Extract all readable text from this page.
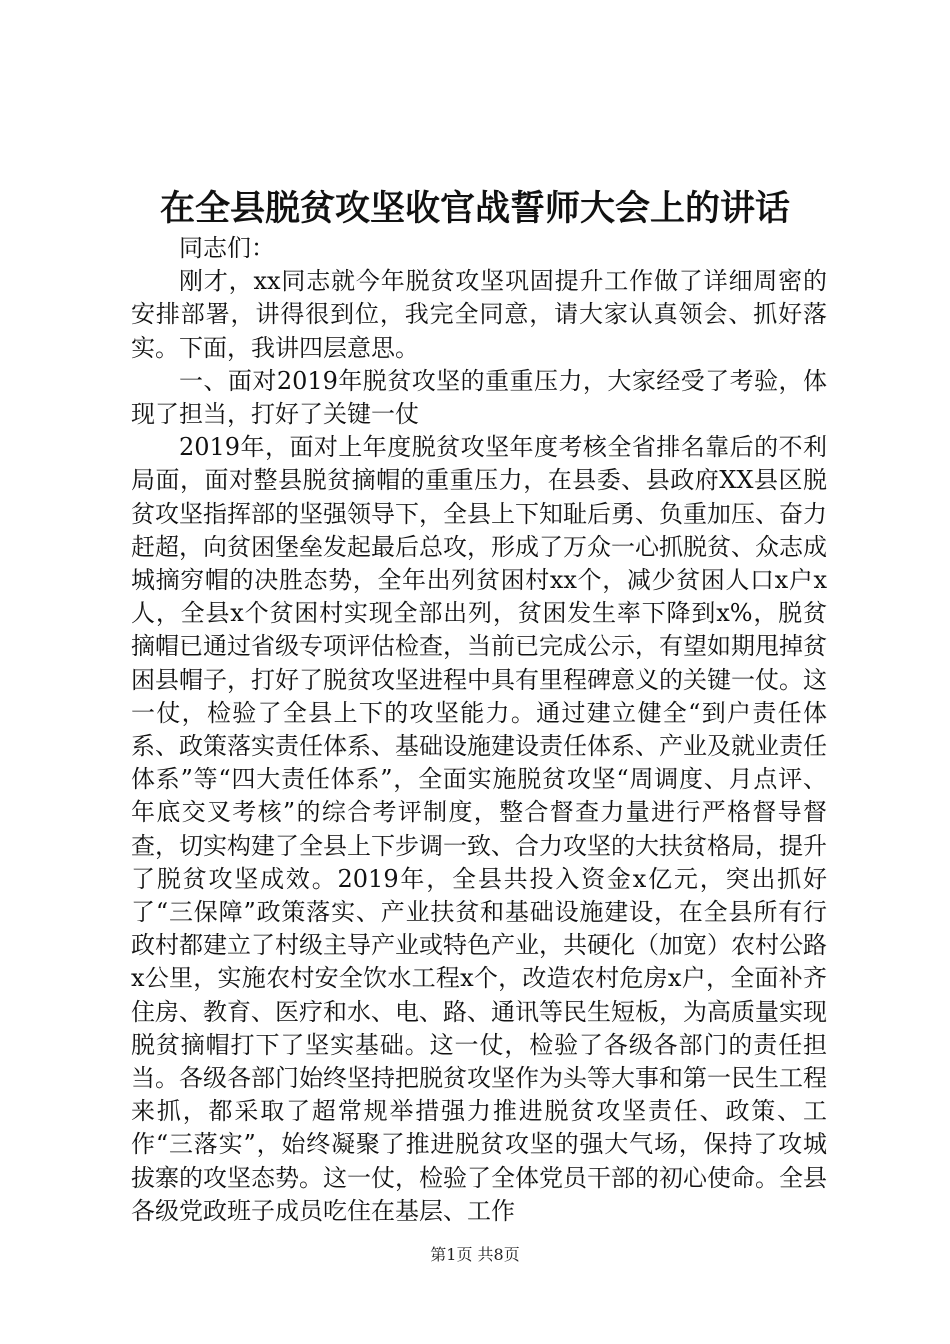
在全县脱贫攻坚收官战誓师大会上的讲话

同志们：

刚才，xx同志就今年脱贫攻坚巩固提升工作做了详细周密的安排部署，讲得很到位，我完全同意，请大家认真领会、抓好落实。下面，我讲四层意思。

一、面对2019年脱贫攻坚的重重压力，大家经受了考验，体现了担当，打好了关键一仗

2019年，面对上年度脱贫攻坚年度考核全省排名靠后的不利局面，面对整县脱贫摘帽的重重压力，在县委、县政府XX县区脱贫攻坚指挥部的坚强领导下，全县上下知耻后勇、负重加压、奋力赶超，向贫困堡垒发起最后总攻，形成了万众一心抓脱贫、众志成城摘穷帽的决胜态势，全年出列贫困村xx个，减少贫困人口x户x人，全县x个贫困村实现全部出列，贫困发生率下降到x%，脱贫摘帽已通过省级专项评估检查，当前已完成公示，有望如期甩掉贫困县帽子，打好了脱贫攻坚进程中具有里程碑意义的关键一仗。这一仗，检验了全县上下的攻坚能力。通过建立健全“到户责任体系、政策落实责任体系、基础设施建设责任体系、产业及就业责任体系”等“四大责任体系”，全面实施脱贫攻坚“周调度、月点评、年底交叉考核”的综合考评制度，整合督查力量进行严格督导督查，切实构建了全县上下步调一致、合力攻坚的大扶贫格局，提升了脱贫攻坚成效。2019年，全县共投入资金x亿元，突出抓好了“三保障”政策落实、产业扶贫和基础设施建设，在全县所有行政村都建立了村级主导产业或特色产业，共硬化（加宽）农村公路x公里，实施农村安全饮水工程x个，改造农村危房x户，全面补齐住房、教育、医疗和水、电、路、通讯等民生短板，为高质量实现脱贫摘帽打下了坚实基础。这一仗，检验了各级各部门的责任担当。各级各部门始终坚持把脱贫攻坚作为头等大事和第一民生工程来抓，都采取了超常规举措强力推进脱贫攻坚责任、政策、工作“三落实”，始终凝聚了推进脱贫攻坚的强大气场，保持了攻城拔寨的攻坚态势。这一仗，检验了全体党员干部的初心使命。全县各级党政班子成员吃住在基层、工作

第1页 共8页
